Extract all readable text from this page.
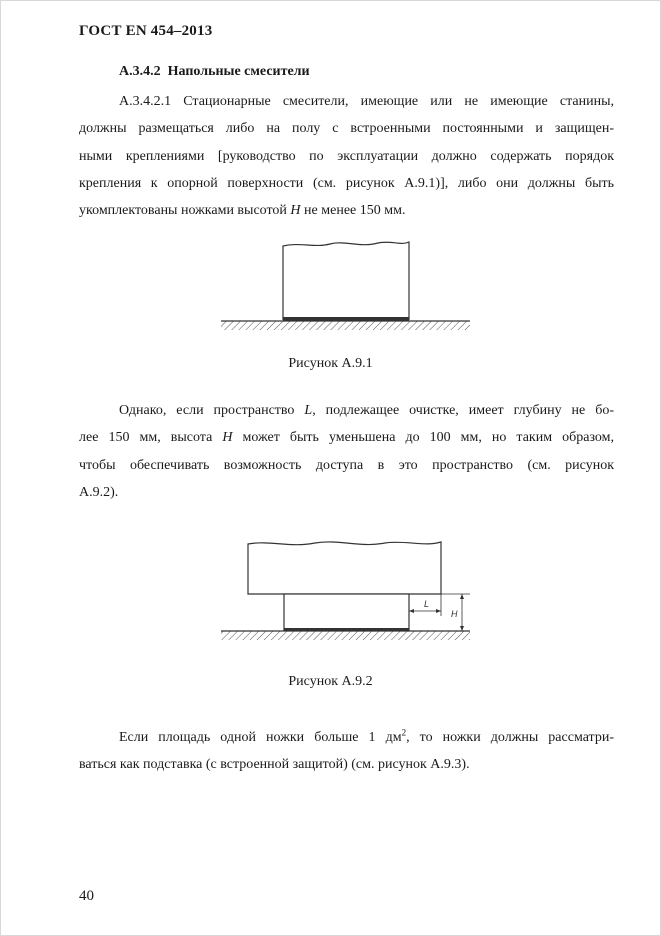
ГОСТ EN 454–2013
A.3.4.2 Напольные смесители
A.3.4.2.1 Стационарные смесители, имеющие или не имеющие станины,
должны размещаться либо на полу с встроенными постоянными и защищен-
ными креплениями [руководство по эксплуатации должно содержать порядок
крепления к опорной поверхности (см. рисунок A.9.1)], либо они должны быть
укомплектованы ножками высотой H не менее 150 мм.
Рисунок A.9.1
Однако, если пространство L, подлежащее очистке, имеет глубину не бо-
лее 150 мм, высота H может быть уменьшена до 100 мм, но таким образом,
чтобы обеспечивать возможность доступа в это пространство (см. рисунок
A.9.2).
L
H
Рисунок A.9.2
Если площадь одной ножки больше 1 $дм^2$, то ножки должны рассматри-
ваться как подставка (с встроенной защитой) (см. рисунок A.9.3).
40
